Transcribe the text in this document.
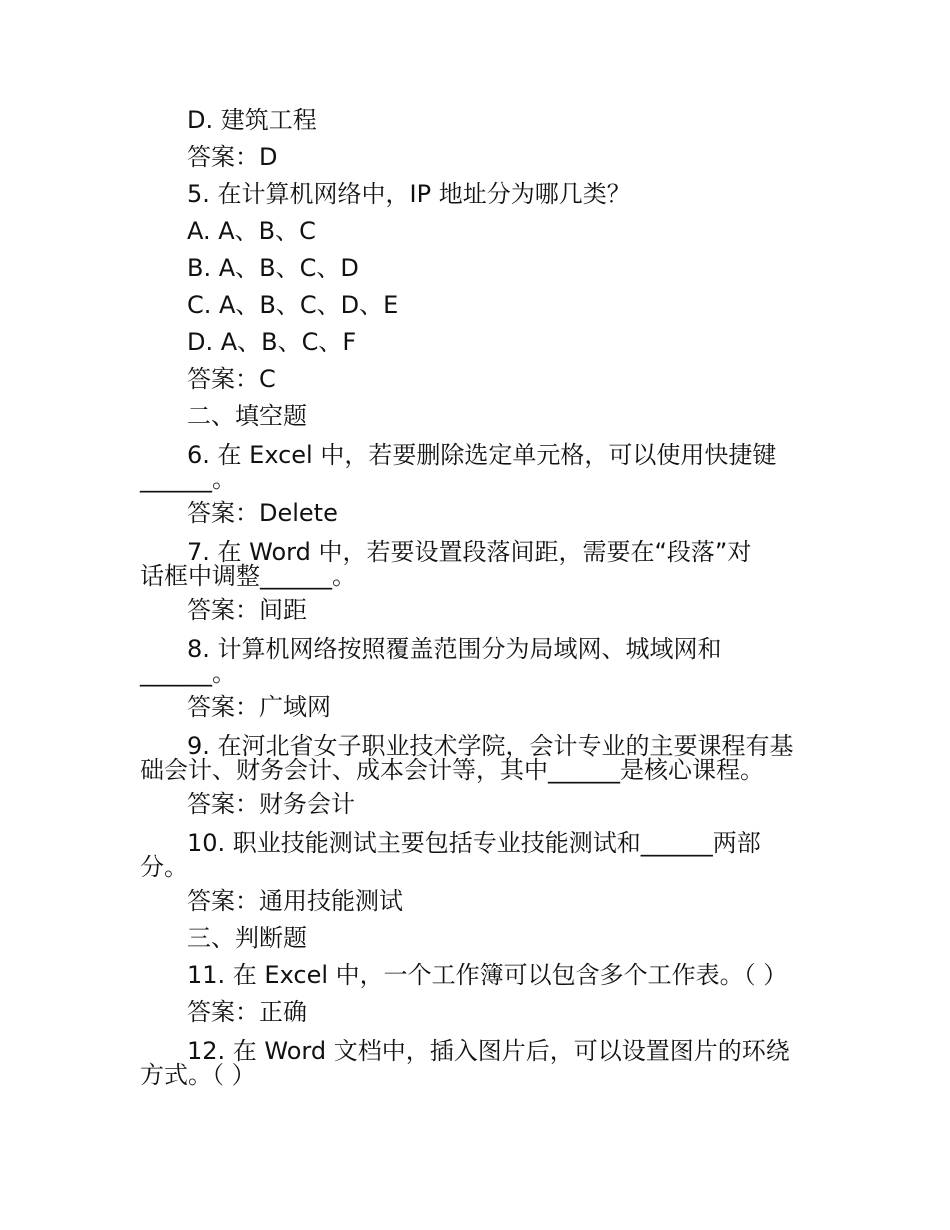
D. 建筑工程
答案：D
5. 在计算机网络中，IP 地址分为哪几类？
A. A、B、C
B. A、B、C、D
C. A、B、C、D、E
D. A、B、C、F
答案：C
二、填空题
6. 在 Excel 中，若要删除选定单元格，可以使用快捷键
______。
答案：Delete
7. 在 Word 中，若要设置段落间距，需要在“段落”对
话框中调整______。
答案：间距
8. 计算机网络按照覆盖范围分为局域网、城域网和
______。
答案：广域网
9. 在河北省女子职业技术学院，会计专业的主要课程有基
础会计、财务会计、成本会计等，其中______是核心课程。
答案：财务会计
10. 职业技能测试主要包括专业技能测试和______两部
分。
答案：通用技能测试
三、判断题
11. 在 Excel 中，一个工作簿可以包含多个工作表。（ ）
答案：正确
12. 在 Word 文档中，插入图片后，可以设置图片的环绕
方式。（ ）
